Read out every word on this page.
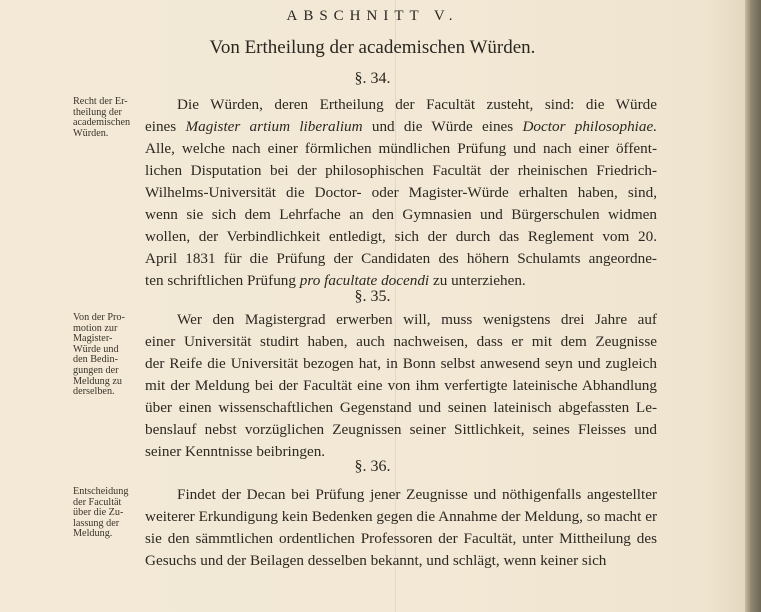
ABSCHNITT V.
Von Ertheilung der academischen Würden.
§. 34.
Recht der Er-
theilung der
academischen
Würden.
Die Würden, deren Ertheilung der Facultät zusteht, sind: die Würde
eines Magister artium liberalium und die Würde eines Doctor philosophiae.
Alle, welche nach einer förmlichen mündlichen Prüfung und nach einer öffent-
lichen Disputation bei der philosophischen Facultät der rheinischen Friedrich-
Wilhelms-Universität die Doctor- oder Magister-Würde erhalten haben, sind,
wenn sie sich dem Lehrfache an den Gymnasien und Bürgerschulen widmen
wollen, der Verbindlichkeit entledigt, sich der durch das Reglement vom 20.
April 1831 für die Prüfung der Candidaten des höhern Schulamts angeordne-
ten schriftlichen Prüfung pro facultate docendi zu unterziehen.
§. 35.
Von der Pro-
motion zur
Magister-
Würde und
den Bedin-
gungen der
Meldung zu
derselben.
Wer den Magistergrad erwerben will, muss wenigstens drei Jahre auf
einer Universität studirt haben, auch nachweisen, dass er mit dem Zeugnisse
der Reife die Universität bezogen hat, in Bonn selbst anwesend seyn und zugleich
mit der Meldung bei der Facultät eine von ihm verfertigte lateinische Abhandlung
über einen wissenschaftlichen Gegenstand und seinen lateinisch abgefassten Le-
benslauf nebst vorzüglichen Zeugnissen seiner Sittlichkeit, seines Fleisses und
seiner Kenntnisse beibringen.
§. 36.
Entscheidung
der Facultät
über die Zu-
lassung der
Meldung.
Findet der Decan bei Prüfung jener Zeugnisse und nöthigenfalls angestellter
weiterer Erkundigung kein Bedenken gegen die Annahme der Meldung, so macht er
sie den sämmtlichen ordentlichen Professoren der Facultät, unter Mittheilung des
Gesuchs und der Beilagen desselben bekannt, und schlägt, wenn keiner sich
